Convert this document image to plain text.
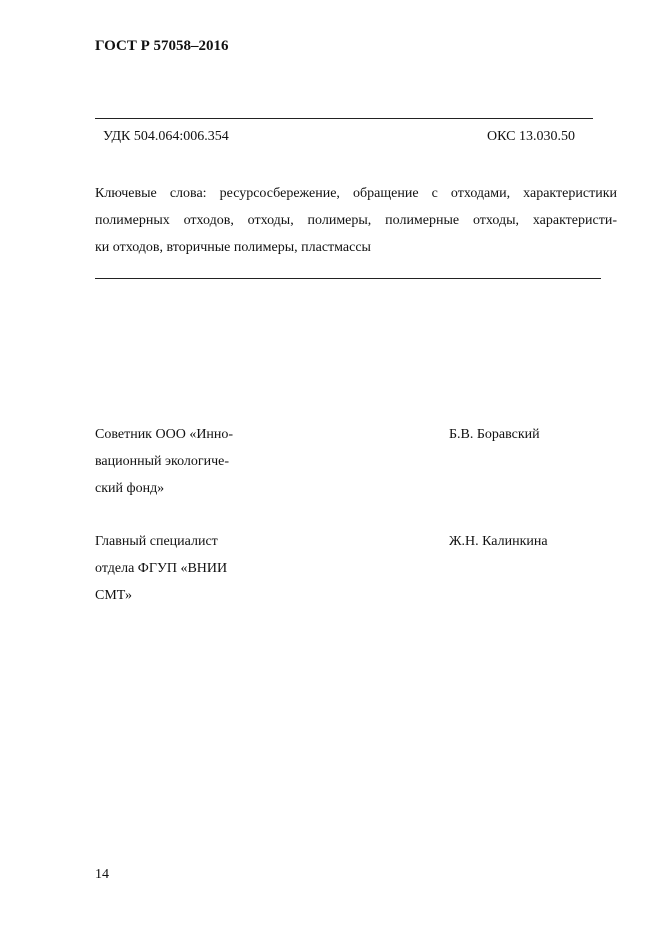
ГОСТ Р 57058–2016
УДК 504.064:006.354	ОКС 13.030.50
Ключевые слова: ресурсосбережение, обращение с отходами, характеристики
полимерных отходов, отходы, полимеры, полимерные отходы, характеристи-
ки отходов, вторичные полимеры, пластмассы
Советник ООО «Инно-
вационный экологиче-
ский фонд»
Б.В. Боравский
Главный специалист
отдела ФГУП «ВНИИ
СМТ»
Ж.Н. Калинкина
14
